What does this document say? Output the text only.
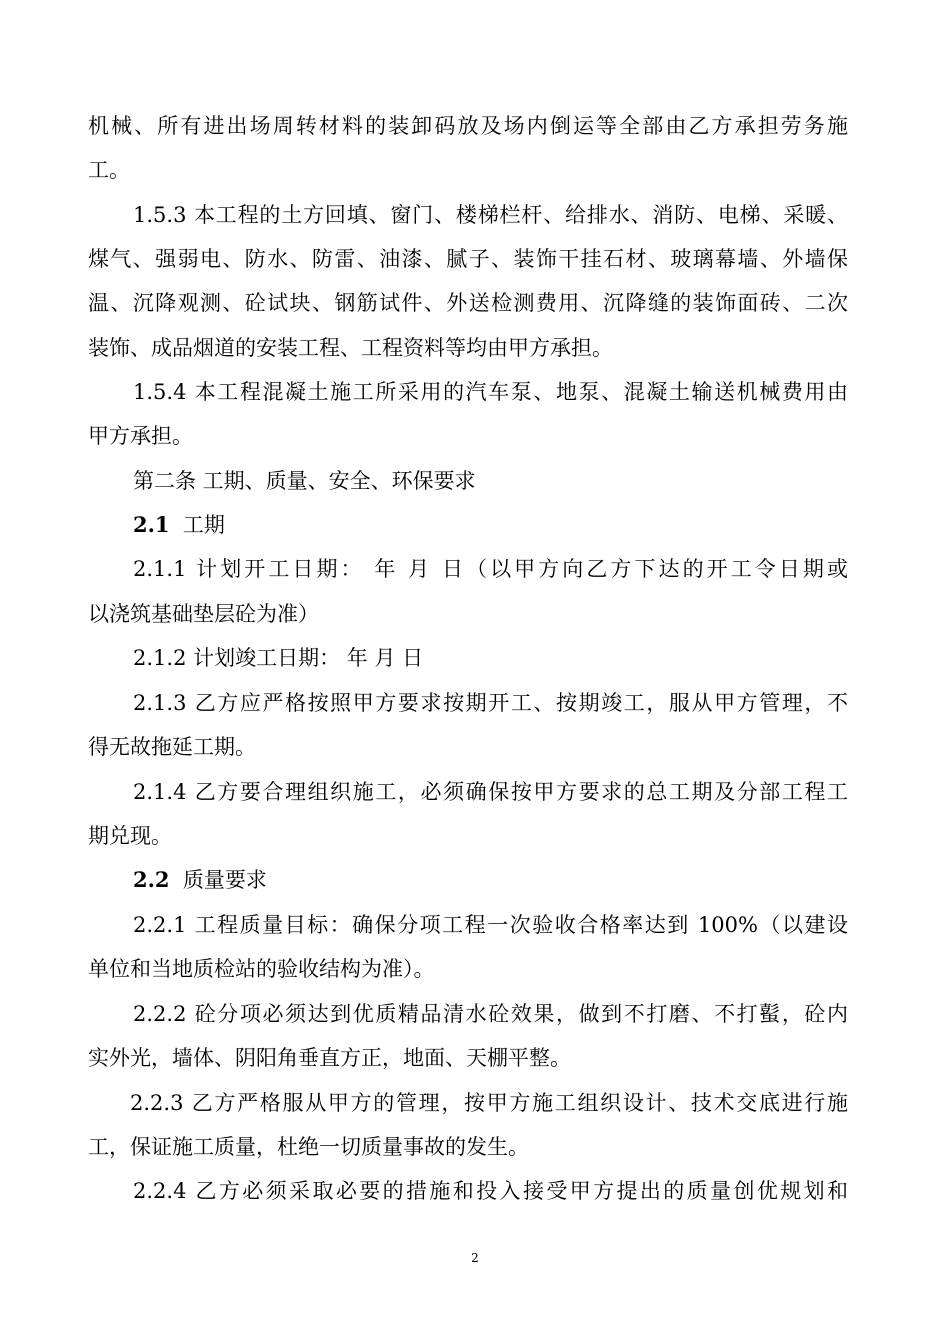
机械、所有进出场周转材料的装卸码放及场内倒运等全部由乙方承担劳务施
工。
1.5.3 本工程的土方回填、窗门、楼梯栏杆、给排水、消防、电梯、采暖、
煤气、强弱电、防水、防雷、油漆、腻子、装饰干挂石材、玻璃幕墙、外墙保
温、沉降观测、砼试块、钢筋试件、外送检测费用、沉降缝的装饰面砖、二次
装饰、成品烟道的安装工程、工程资料等均由甲方承担。
1.5.4 本工程混凝土施工所采用的汽车泵、地泵、混凝土输送机械费用由
甲方承担。
第二条 工期、质量、安全、环保要求
2.1 工期
2.1.1 计划开工日期： 年 月 日（以甲方向乙方下达的开工令日期或
以浇筑基础垫层砼为准）
2.1.2 计划竣工日期： 年 月 日
2.1.3 乙方应严格按照甲方要求按期开工、按期竣工，服从甲方管理，不
得无故拖延工期。
2.1.4 乙方要合理组织施工，必须确保按甲方要求的总工期及分部工程工
期兑现。
2.2 质量要求
2.2.1 工程质量目标：确保分项工程一次验收合格率达到 100%（以建设
单位和当地质检站的验收结构为准）。
2.2.2 砼分项必须达到优质精品清水砼效果，做到不打磨、不打蟚，砼内
实外光，墙体、阴阳角垂直方正，地面、天棚平整。
2.2.3 乙方严格服从甲方的管理，按甲方施工组织设计、技术交底进行施
工，保证施工质量，杜绝一切质量事故的发生。
2.2.4 乙方必须采取必要的措施和投入接受甲方提出的质量创优规划和
2
